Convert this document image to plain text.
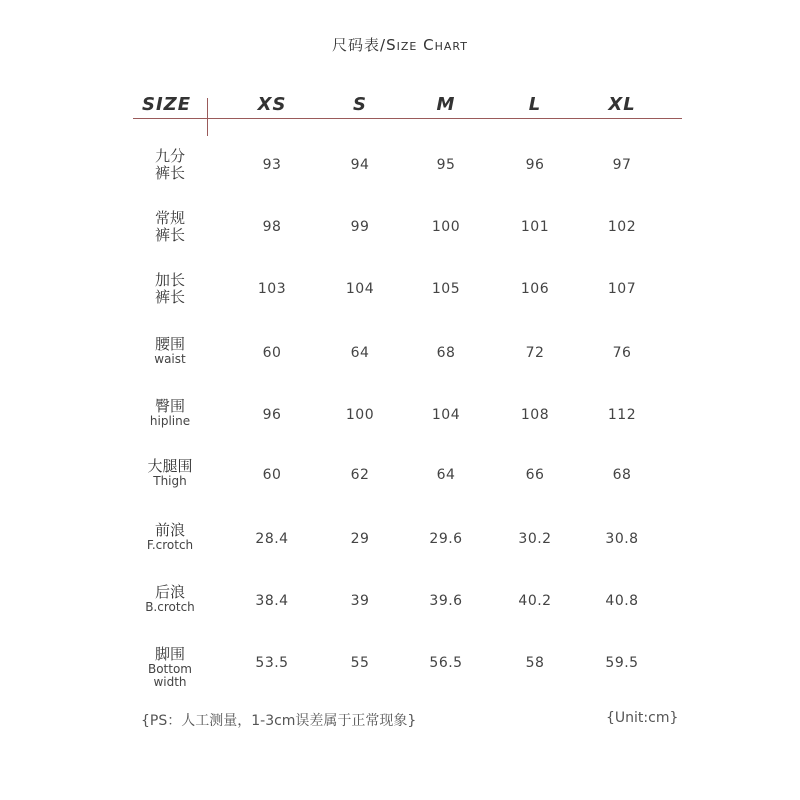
尺码表/Size Chart
SIZE	XS	S	M	L	XL
九分
裤长	93	94	95	96	97
常规
裤长	98	99	100	101	102
加长
裤长	103	104	105	106	107
腰围
waist	60	64	68	72	76
臀围
hipline	96	100	104	108	112
大腿围
Thigh	60	62	64	66	68
前浪
F.crotch	28.4	29	29.6	30.2	30.8
后浪
B.crotch	38.4	39	39.6	40.2	40.8
脚围
Bottom width
53.5	55	56.5	58	59.5
{PS：人工测量，1-3cm误差属于正常现象}	{Unit:cm}
